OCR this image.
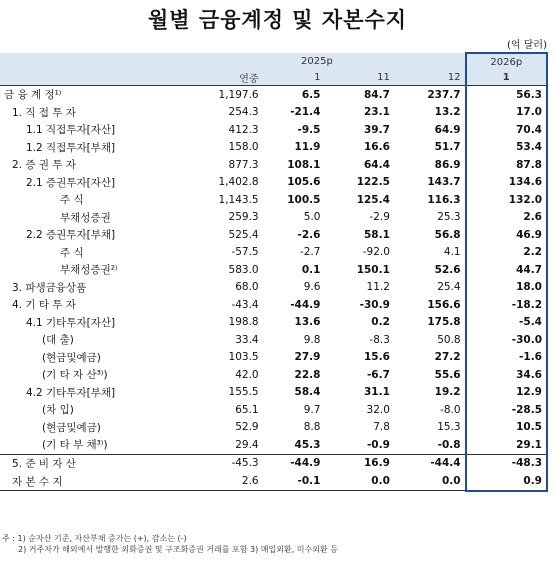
월별 금융계정 및 자본수지
(억 달러)
	2025p				2026p
	연중	1	11	12	1
금 융 계 정¹⁾	1,197.6	6.5	84.7	237.7	56.3
1. 직 접 투 자	254.3	-21.4	23.1	13.2	17.0
1.1 직접투자[자산]	412.3	-9.5	39.7	64.9	70.4
1.2 직접투자[부채]	158.0	11.9	16.6	51.7	53.4
2. 증 권 투 자	877.3	108.1	64.4	86.9	87.8
2.1 증권투자[자산]	1,402.8	105.6	122.5	143.7	134.6
주 식	1,143.5	100.5	125.4	116.3	132.0
부채성증권	259.3	5.0	-2.9	25.3	2.6
2.2 증권투자[부채]	525.4	-2.6	58.1	56.8	46.9
주 식	-57.5	-2.7	-92.0	4.1	2.2
부채성증권²⁾	583.0	0.1	150.1	52.6	44.7
3. 파생금융상품	68.0	9.6	11.2	25.4	18.0
4. 기 타 투 자	-43.4	-44.9	-30.9	156.6	-18.2
4.1 기타투자[자산]	198.8	13.6	0.2	175.8	-5.4
(대 출)	33.4	9.8	-8.3	50.8	-30.0
(현금및예금)	103.5	27.9	15.6	27.2	-1.6
(기 타 자 산³⁾)	42.0	22.8	-6.7	55.6	34.6
4.2 기타투자[부채]	155.5	58.4	31.1	19.2	12.9
(차 입)	65.1	9.7	32.0	-8.0	-28.5
(현금및예금)	52.9	8.8	7.8	15.3	10.5
(기 타 부 채³⁾)	29.4	45.3	-0.9	-0.8	29.1
5. 준 비 자 산	-45.3	-44.9	16.9	-44.4	-48.3
자 본 수 지	2.6	-0.1	0.0	0.0	0.9
주 : 1) 순자산 기준, 자산부채 증가는 (+), 감소는 (-)
2) 거주자가 해외에서 발행한 외화증권 및 구조화증권 거래를 포함 3) 매입외환, 미수외환 등
